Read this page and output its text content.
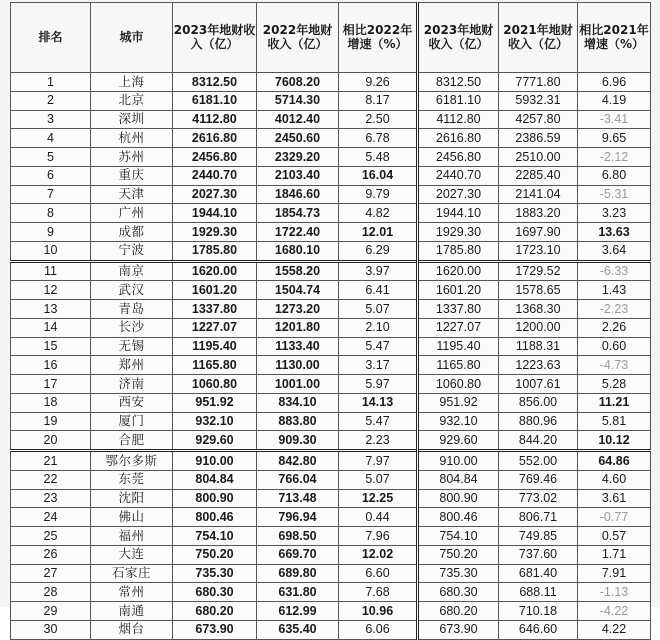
排名	城市	2023年地财收入（亿）	2022年地财收入（亿）	相比2022年增速（%）	2023年地财收入（亿）	2021年地财收入（亿）	相比2021年增速（%）
1	上海	8312.50	7608.20	9.26	8312.50	7771.80	6.96
2	北京	6181.10	5714.30	8.17	6181.10	5932.31	4.19
3	深圳	4112.80	4012.40	2.50	4112.80	4257.80	-3.41
4	杭州	2616.80	2450.60	6.78	2616.80	2386.59	9.65
5	苏州	2456.80	2329.20	5.48	2456.80	2510.00	-2.12
6	重庆	2440.70	2103.40	16.04	2440.70	2285.40	6.80
7	天津	2027.30	1846.60	9.79	2027.30	2141.04	-5.31
8	广州	1944.10	1854.73	4.82	1944.10	1883.20	3.23
9	成都	1929.30	1722.40	12.01	1929.30	1697.90	13.63
10	宁波	1785.80	1680.10	6.29	1785.80	1723.10	3.64
11	南京	1620.00	1558.20	3.97	1620.00	1729.52	-6.33
12	武汉	1601.20	1504.74	6.41	1601.20	1578.65	1.43
13	青岛	1337.80	1273.20	5.07	1337.80	1368.30	-2.23
14	长沙	1227.07	1201.80	2.10	1227.07	1200.00	2.26
15	无锡	1195.40	1133.40	5.47	1195.40	1188.31	0.60
16	郑州	1165.80	1130.00	3.17	1165.80	1223.63	-4.73
17	济南	1060.80	1001.00	5.97	1060.80	1007.61	5.28
18	西安	951.92	834.10	14.13	951.92	856.00	11.21
19	厦门	932.10	883.80	5.47	932.10	880.96	5.81
20	合肥	929.60	909.30	2.23	929.60	844.20	10.12
21	鄂尔多斯	910.00	842.80	7.97	910.00	552.00	64.86
22	东莞	804.84	766.04	5.07	804.84	769.46	4.60
23	沈阳	800.90	713.48	12.25	800.90	773.02	3.61
24	佛山	800.46	796.94	0.44	800.46	806.71	-0.77
25	福州	754.10	698.50	7.96	754.10	749.85	0.57
26	大连	750.20	669.70	12.02	750.20	737.60	1.71
27	石家庄	735.30	689.80	6.60	735.30	681.40	7.91
28	常州	680.30	631.80	7.68	680.30	688.11	-1.13
29	南通	680.20	612.99	10.96	680.20	710.18	-4.22
30	烟台	673.90	635.40	6.06	673.90	646.60	4.22
